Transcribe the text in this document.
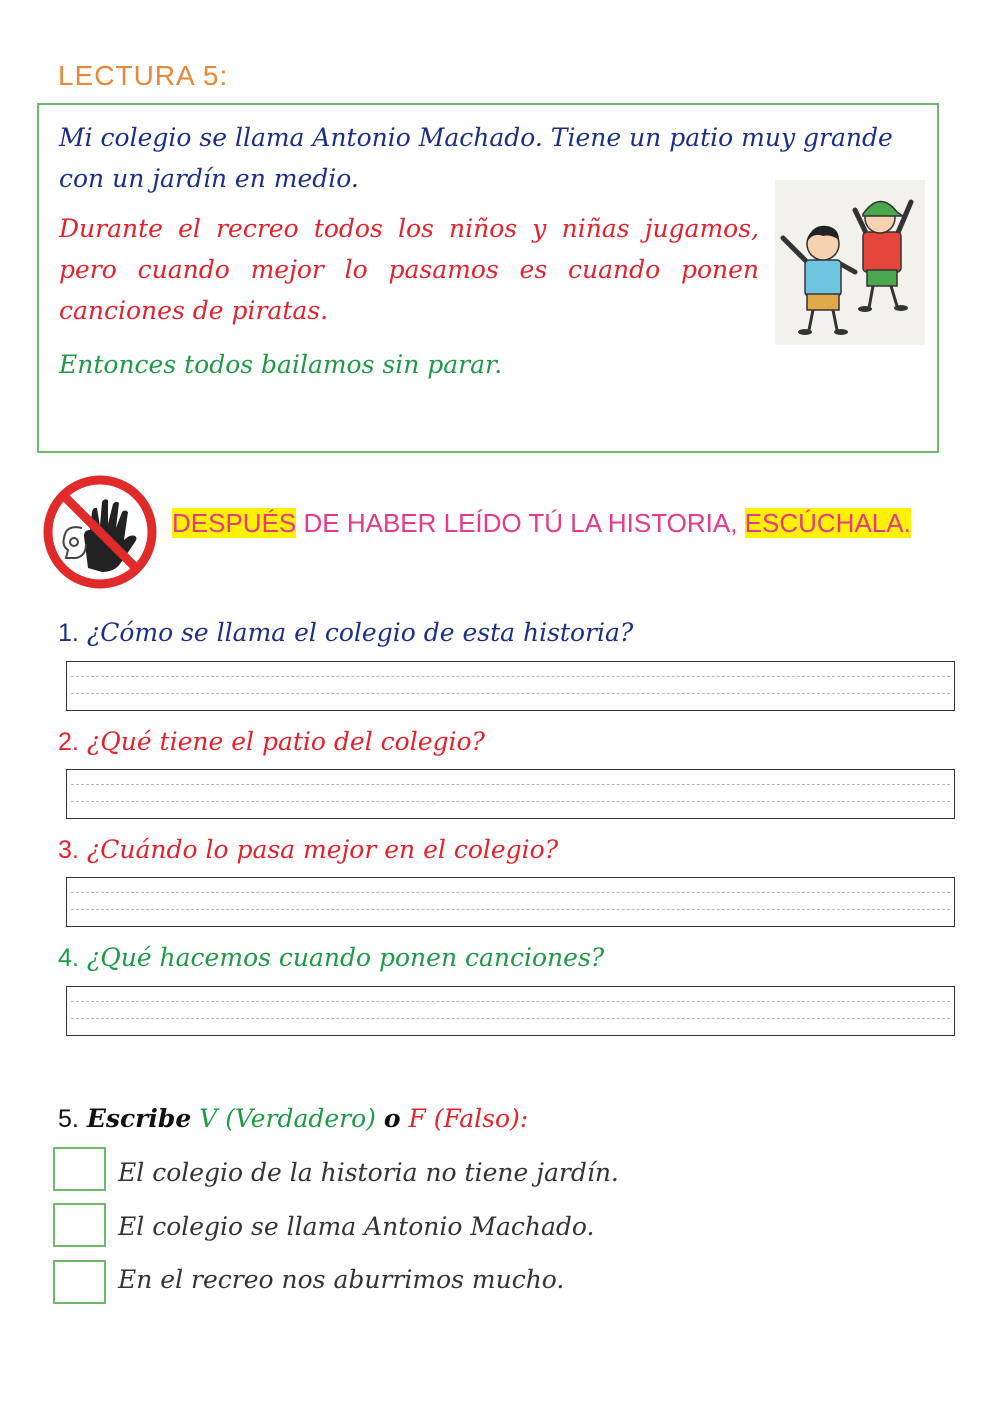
LECTURA 5:
Mi colegio se llama Antonio Machado. Tiene un patio muy grande con un jardín en medio.
Durante el recreo todos los niños y niñas jugamos, pero cuando mejor lo pasamos es cuando ponen canciones de piratas.
Entonces todos bailamos sin parar.
DESPUÉS DE HABER LEÍDO TÚ LA HISTORIA, ESCÚCHALA.
1. ¿Cómo se llama el colegio de esta historia?
2. ¿Qué tiene el patio del colegio?
3. ¿Cuándo lo pasa mejor en el colegio?
4. ¿Qué hacemos cuando ponen canciones?
5. Escribe V (Verdadero) o F (Falso):
El colegio de la historia no tiene jardín.
El colegio se llama Antonio Machado.
En el recreo nos aburrimos mucho.
